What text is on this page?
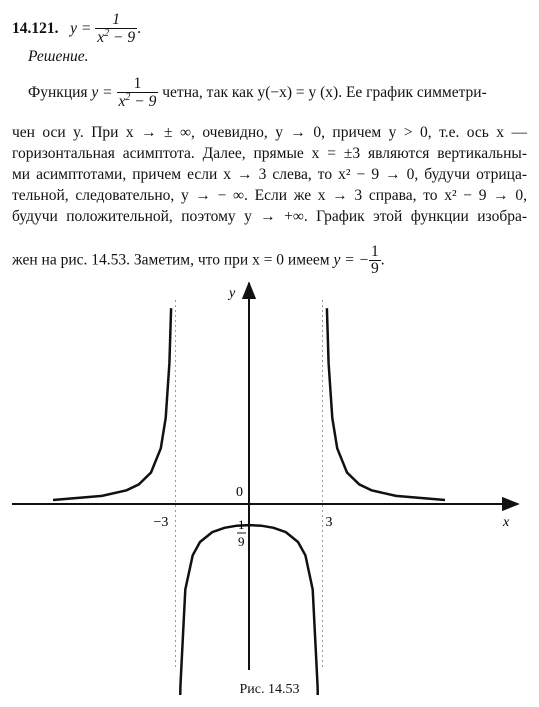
14.121. $y = \frac{1}{x^2 - 9}$ .
Решение.
Функция $y = \frac{1}{x^2 - 9}$ четна, так как y(−x) = y (x). Ее график симметри-
чен оси y. При x → ± ∞, очевидно, y → 0, причем y > 0, т.е. ось x —
горизонтальная асимптота. Далее, прямые x = ±3 являются вертикальны-
ми асимптотами, причем если x → 3 слева, то x² − 9 → 0, будучи отрица-
тельной, следовательно, y → − ∞. Если же x → 3 справа, то x² − 9 → 0,
будучи положительной, поэтому y → +∞. График этой функции изобра-
жен на рис. 14.53. Заметим, что при x = 0 имеем y = − $\frac{1}{9}$ .
x
y
0
−3	3
− 1
9
Рис. 14.53
